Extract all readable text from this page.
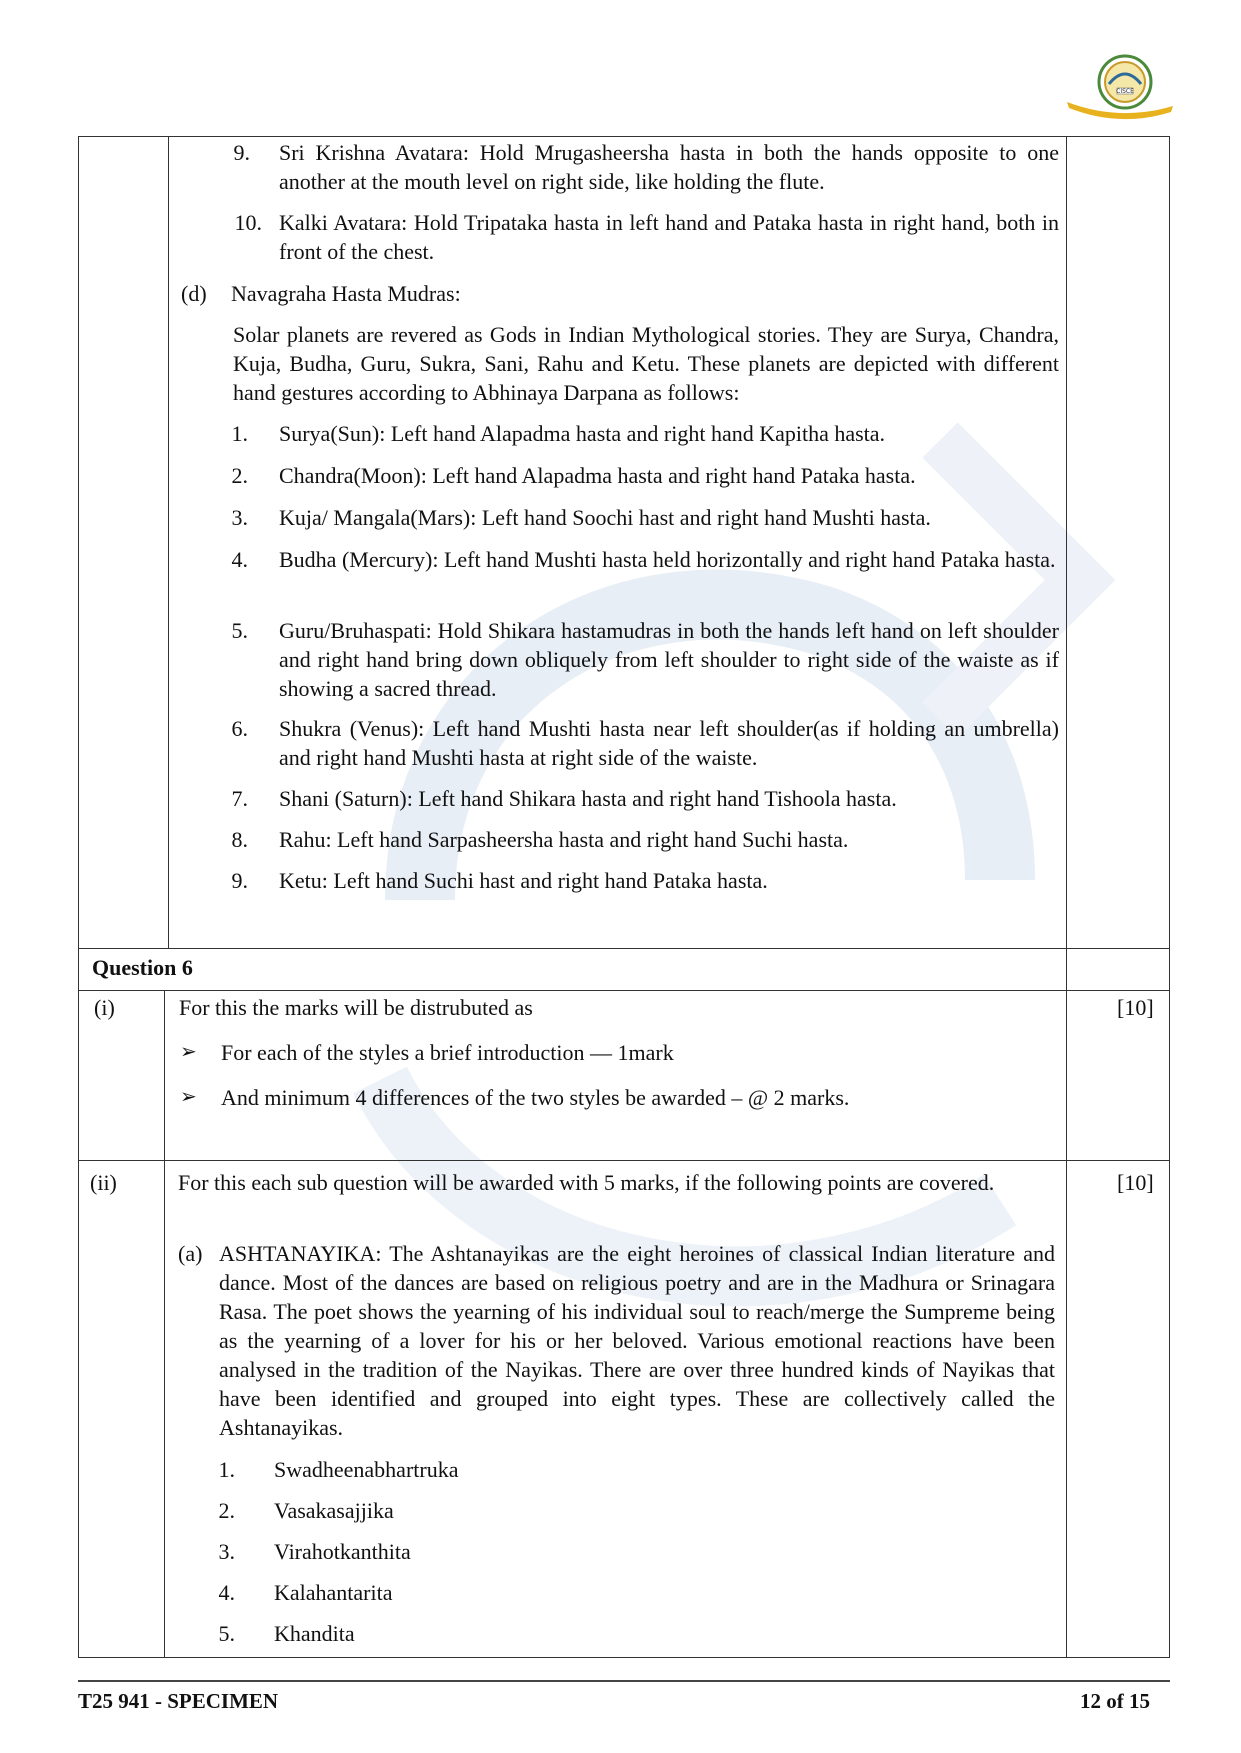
CISCE
9. Sri Krishna Avatara: Hold Mrugasheersha hasta in both the hands opposite to one another at the mouth level on right side, like holding the flute.
10. Kalki Avatara: Hold Tripataka hasta in left hand and Pataka hasta in right hand, both in front of the chest.
(d) Navagraha Hasta Mudras:
Solar planets are revered as Gods in Indian Mythological stories. They are Surya, Chandra, Kuja, Budha, Guru, Sukra, Sani, Rahu and Ketu. These planets are depicted with different hand gestures according to Abhinaya Darpana as follows:
1. Surya(Sun): Left hand Alapadma hasta and right hand Kapitha hasta.
2. Chandra(Moon): Left hand Alapadma hasta and right hand Pataka hasta.
3. Kuja/ Mangala(Mars): Left hand Soochi hast and right hand Mushti hasta.
4. Budha (Mercury): Left hand Mushti hasta held horizontally and right hand Pataka hasta.
5. Guru/Bruhaspati: Hold Shikara hastamudras in both the hands left hand on left shoulder and right hand bring down obliquely from left shoulder to right side of the waiste as if showing a sacred thread.
6. Shukra (Venus): Left hand Mushti hasta near left shoulder(as if holding an umbrella) and right hand Mushti hasta at right side of the waiste.
7. Shani (Saturn): Left hand Shikara hasta and right hand Tishoola hasta.
8. Rahu: Left hand Sarpasheersha hasta and right hand Suchi hasta.
9. Ketu: Left hand Suchi hast and right hand Pataka hasta.
Question 6
(i)	For this the marks will be distrubuted as	[10]
➢ For each of the styles a brief introduction — 1mark
➢ And minimum 4 differences of the two styles be awarded – @ 2 marks.
(ii)	For this each sub question will be awarded with 5 marks, if the following points are covered.	[10]
(a) ASHTANAYIKA: The Ashtanayikas are the eight heroines of classical Indian literature and dance. Most of the dances are based on religious poetry and are in the Madhura or Srinagara Rasa. The poet shows the yearning of his individual soul to reach/merge the Sumpreme being as the yearning of a lover for his or her beloved. Various emotional reactions have been analysed in the tradition of the Nayikas. There are over three hundred kinds of Nayikas that have been identified and grouped into eight types. These are collectively called the Ashtanayikas.
1. Swadheenabhartruka
2. Vasakasajjika
3. Virahotkanthita
4. Kalahantarita
5. Khandita
T25 941 - SPECIMEN	12 of 15
